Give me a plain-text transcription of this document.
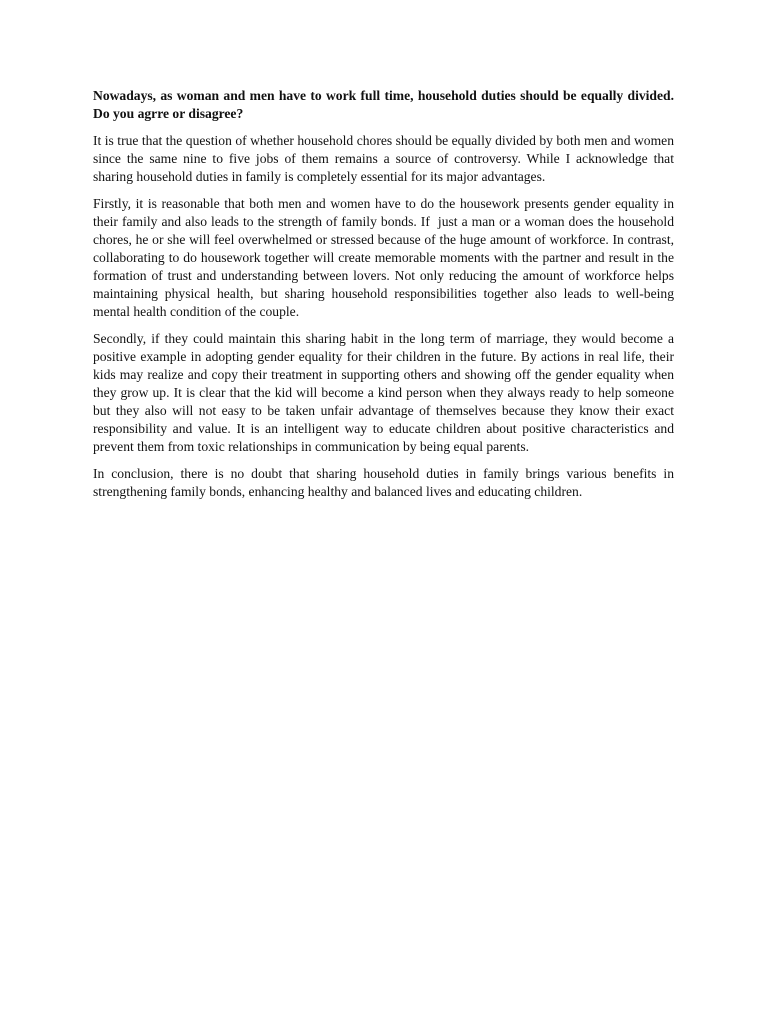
Nowadays, as woman and men have to work full time, household duties should be equally divided. Do you agrre or disagree?

It is true that the question of whether household chores should be equally divided by both men and women since the same nine to five jobs of them remains a source of controversy. While I acknowledge that sharing household duties in family is completely essential for its major advantages.

Firstly, it is reasonable that both men and women have to do the housework presents gender equality in their family and also leads to the strength of family bonds. If  just a man or a woman does the household chores, he or she will feel overwhelmed or stressed because of the huge amount of workforce. In contrast, collaborating to do housework together will create memorable moments with the partner and result in the formation of trust and understanding between lovers. Not only reducing the amount of workforce helps maintaining physical health, but sharing household responsibilities together also leads to well-being mental health condition of the couple.

Secondly, if they could maintain this sharing habit in the long term of marriage, they would become a positive example in adopting gender equality for their children in the future. By actions in real life, their kids may realize and copy their treatment in supporting others and showing off the gender equality when they grow up. It is clear that the kid will become a kind person when they always ready to help someone but they also will not easy to be taken unfair advantage of themselves because they know their exact responsibility and value. It is an intelligent way to educate children about positive characteristics and prevent them from toxic relationships in communication by being equal parents.

In conclusion, there is no doubt that sharing household duties in family brings various benefits in strengthening family bonds, enhancing healthy and balanced lives and educating children.
